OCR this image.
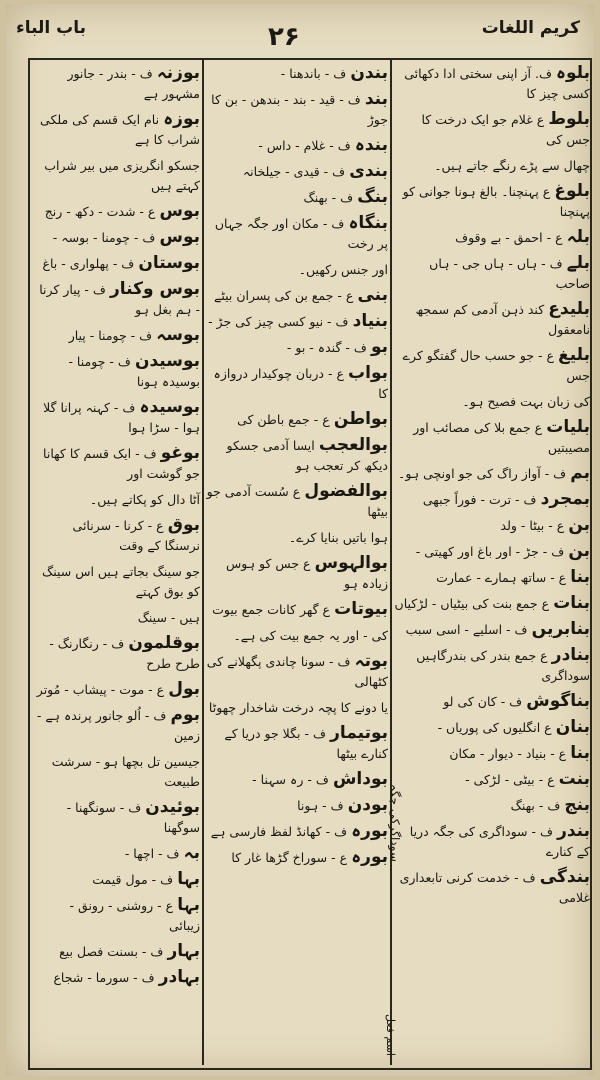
باب الباء	۲۶	کریم اللغات
بلوہ ف. آز اپنی سختی ادا دکھائی کسی چیز کا
بلوط ع غلام جو ایک درخت کا جس کی
چھال سے پڑے رنگے جاتے ہیں۔
بلوغ ع پہنچنا۔ بالغ ہونا جوانی کو پہنچنا
بلہ ع - احمق - بے وقوف
بلے ف - ہاں - ہاں جی - ہاں صاحب
بلیدع کند ذہن آدمی کم سمجھ نامعقول
بلیغ ع - جو حسب حال گفتگو کرے جس
کی زبان بہت فصیح ہو۔
بلیات ع جمع بلا کی مصائب اور مصیبتیں
بم ف - آواز راگ کی جو اونچی ہو۔
بمجرد ف - ترت - فوراً جبھی
بن ع - بیٹا - ولد
بن ف - جڑ - اور باغ اور کھیتی -
بنا ع - ساتھ ہمارے - عمارت
بنات ع جمع بنت کی بیٹیاں - لڑکیاں
بنابریں ف - اسلیے - اسی سبب
بنادر ع جمع بندر کی بندرگاہیں سوداگری
بناگوش ف - کان کی لو
بنان ع انگلیوں کی پوریاں -
بنا ع - بنیاد - دیوار - مکان
بنت ع - بیٹی - لڑکی -
بنج ف - بھنگ
بندر ف - سوداگری کی جگہ دریا کے کنارے
بندگی ف - خدمت کرنی تابعداری غلامی
بندن ف - باندھنا -
بند ف - قید - بند - بندھن - بن کا جوڑ
بندہ ف - غلام - داس -
بندی ف - قیدی - جیلخانہ
بنگ ف - بھنگ
بنگاہ ف - مکان اور جگہ جہاں پر رخت
اور جنس رکھیں۔
بنی ع - جمع بن کی پسران بیٹے
بنیاد ف - نیو کسی چیز کی جڑ -
بو ف - گندہ - بو -
بواب ع - دربان چوکیدار دروازہ کا
بواطن ع - جمع باطن کی
بوالعجب ایسا آدمی جسکو دیکھ کر تعجب ہو
بوالفضول ع سُست آدمی جو بیٹھا
ہوا باتیں بنایا کرے۔
بوالہوس ع جس کو ہوس زیادہ ہو
بیوتات ع گھر کانات جمع بیوت
کی - اور یہ جمع بیت کی ہے۔
بوتہ ف - سونا چاندی پگھلانے کی کٹھالی
یا دونے کا پچہ درخت شاخدار چھوٹا
بوتیمار ف - بگلا جو دریا کے کنارے بیٹھا
بوداش ف - رہ سہنا -
بودن ف - ہونا
بورہ ف - کھانڈ لفظ فارسی ہے
بورہ ع - سوراخ گڑھا غار کا
بوزنہ ف - بندر - جانور مشہور ہے
بوزہ نام ایک قسم کی ملکی شراب کا ہے
جسکو انگریزی میں بیر شراب کہتے ہیں
بوس ع - شدت - دکھ - رنج
بوس ف - چومنا - بوسہ -
بوستان ف - پھلواری - باغ
بوس وکنار ف - پیار کرنا - ہم بغل ہو
بوسہ ف - چومنا - پیار
بوسیدن ف - چومنا - بوسیدہ ہونا
بوسیدہ ف - کہنہ پرانا گلا ہوا - سڑا ہوا
بوغو ف - ایک قسم کا کھانا جو گوشت اور
آٹا دال کو پکاتے ہیں۔
بوق ع - کرنا - سرنائی نرسنگا کے وقت
جو سینگ بجاتے ہیں اس سینگ کو بوق کہتے
ہیں - سینگ
بوقلمون ف - رنگارنگ - طرح طرح
بول ع - موت - پیشاب - مُوتر
بوم ف - اُلو جانور پرندہ ہے - زمین
جیسین تل بچھا ہو - سرشت طبیعت
بوئیدن ف - سونگھنا - سوگھنا
بہ ف - اچھا -
بہا ف - مول قیمت
بہا ع - روشنی - رونق - زیبائی
بہار ف - بسنت فصل بیع
بہادر ف - سورما - شجاع
سوداگرکی جگہ
اسم فعل
